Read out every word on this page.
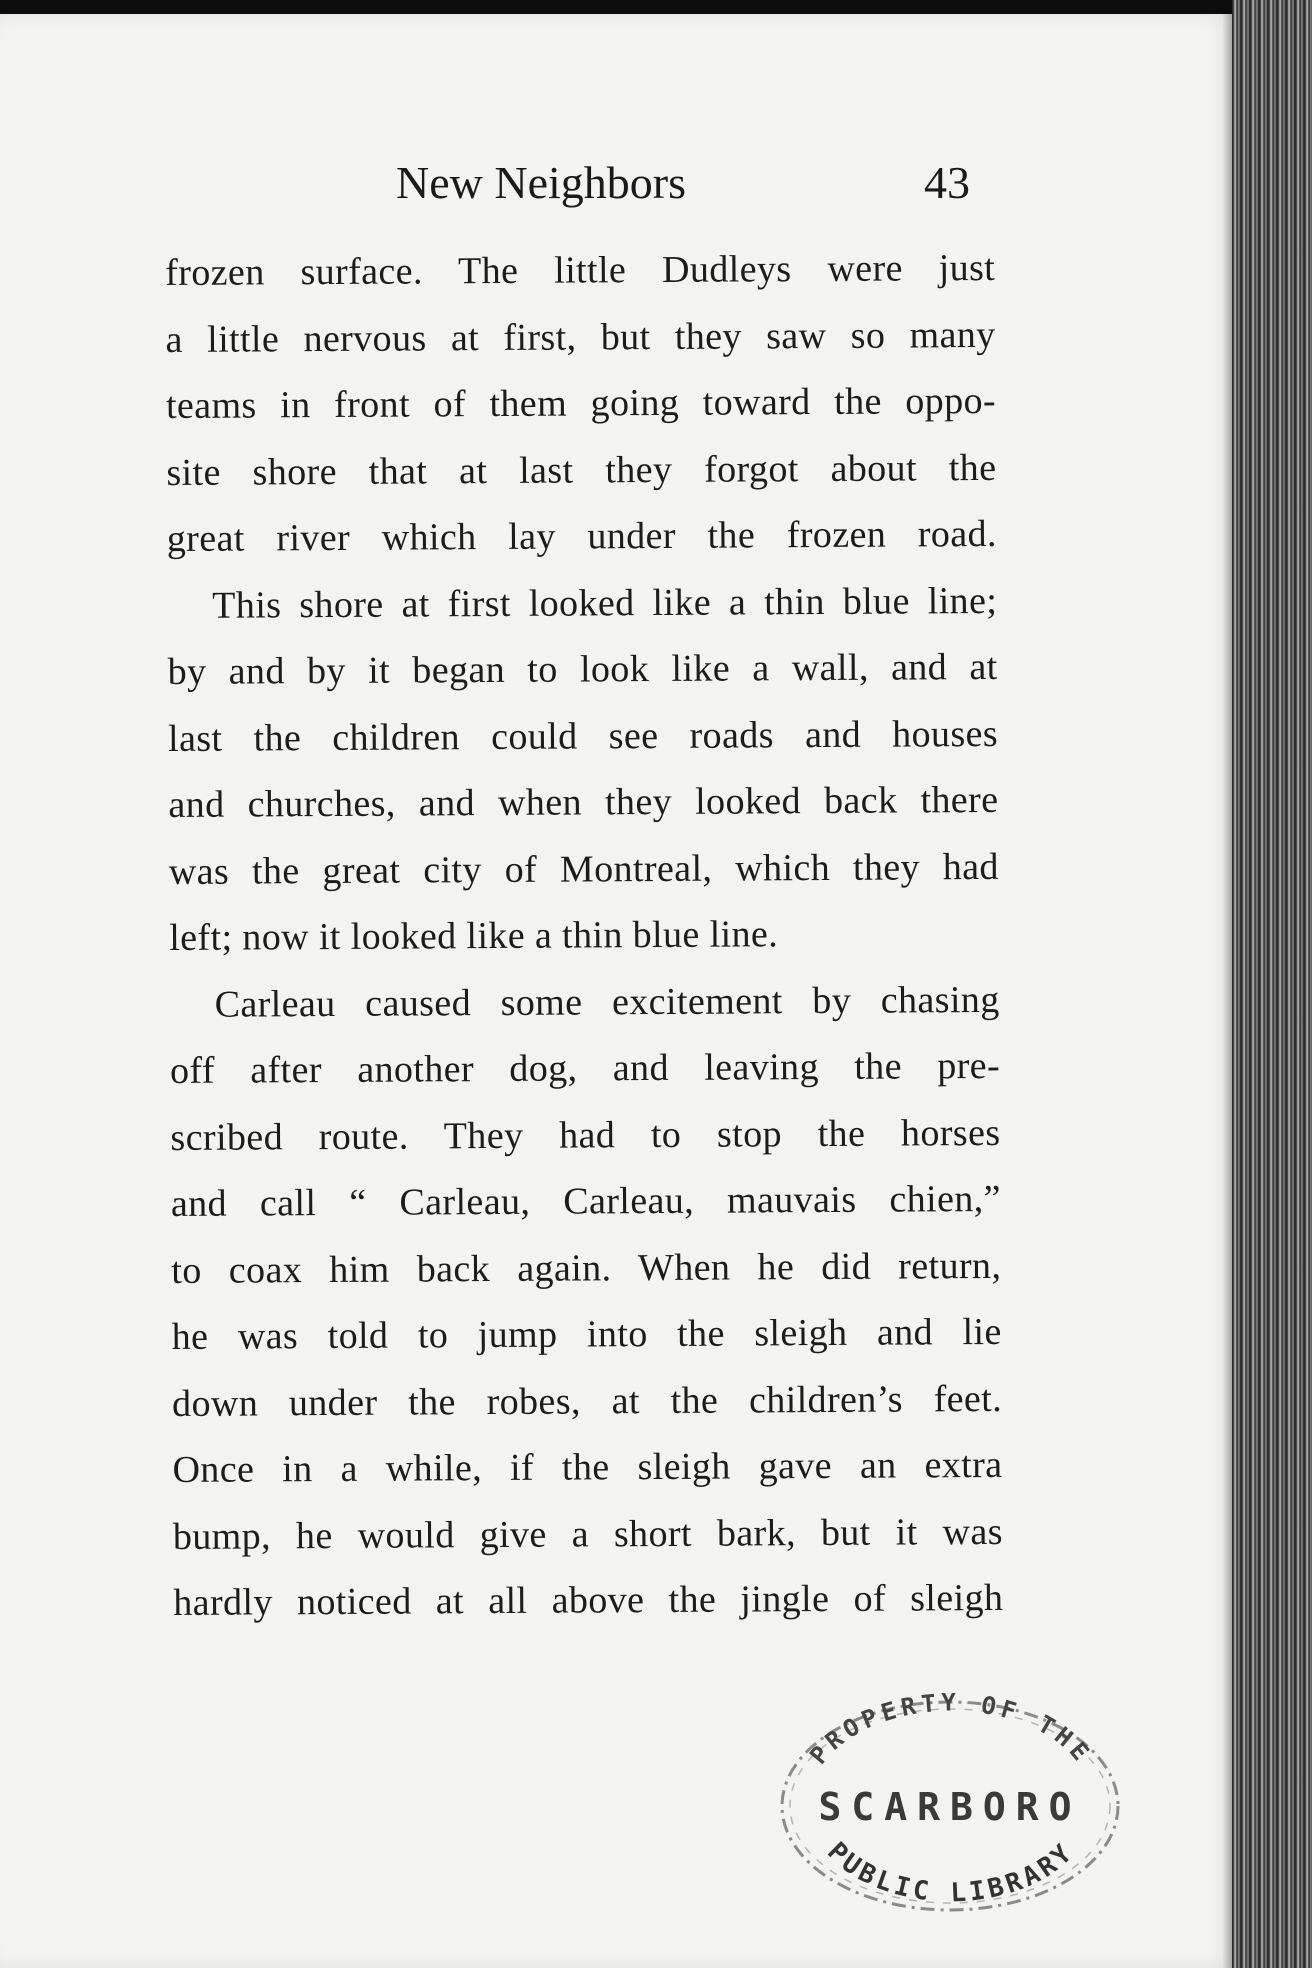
New Neighbors	43
frozen surface. The little Dudleys were just
a little nervous at first, but they saw so many
teams in front of them going toward the oppo-
site shore that at last they forgot about the
great river which lay under the frozen road.
This shore at first looked like a thin blue line;
by and by it began to look like a wall, and at
last the children could see roads and houses
and churches, and when they looked back there
was the great city of Montreal, which they had
left; now it looked like a thin blue line.
Carleau caused some excitement by chasing
off after another dog, and leaving the pre-
scribed route. They had to stop the horses
and call “ Carleau, Carleau, mauvais chien,”
to coax him back again. When he did return,
he was told to jump into the sleigh and lie
down under the robes, at the children’s feet.
Once in a while, if the sleigh gave an extra
bump, he would give a short bark, but it was
hardly noticed at all above the jingle of sleigh
PROPERTY OF THE
SCARBORO
PUBLIC LIBRARY
